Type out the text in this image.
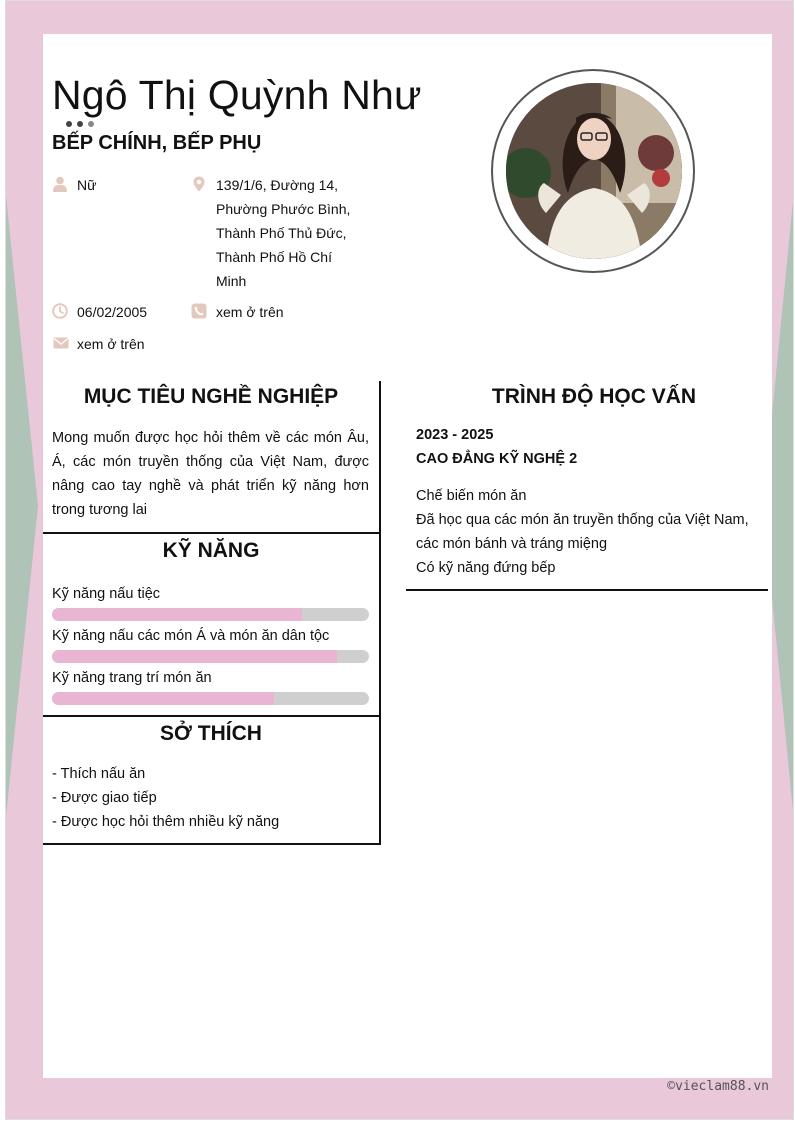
Ngô Thị Quỳnh Như
BẾP CHÍNH, BẾP PHỤ
Nữ	139/1/6, Đường 14,
Phường Phước Bình,
Thành Phố Thủ Đức,
Thành Phố Hồ Chí
Minh
06/02/2005	xem ở trên
xem ở trên
MỤC TIÊU NGHỀ NGHIỆP
Mong muốn được học hỏi thêm về các món Âu,
Á, các món truyền thống của Việt Nam, được
nâng cao tay nghề và phát triển kỹ năng hơn
trong tương lai
KỸ NĂNG
Kỹ năng nấu tiệc
Kỹ năng nấu các món Á và món ăn dân tộc
Kỹ năng trang trí món ăn
SỞ THÍCH
- Thích nấu ăn
- Được giao tiếp
- Được học hỏi thêm nhiều kỹ năng
TRÌNH ĐỘ HỌC VẤN
2023 - 2025
CAO ĐẲNG KỸ NGHỆ 2
Chế biến món ăn
Đã học qua các món ăn truyền thống của Việt Nam,
các món bánh và tráng miệng
Có kỹ năng đứng bếp
©vieclam88.vn
